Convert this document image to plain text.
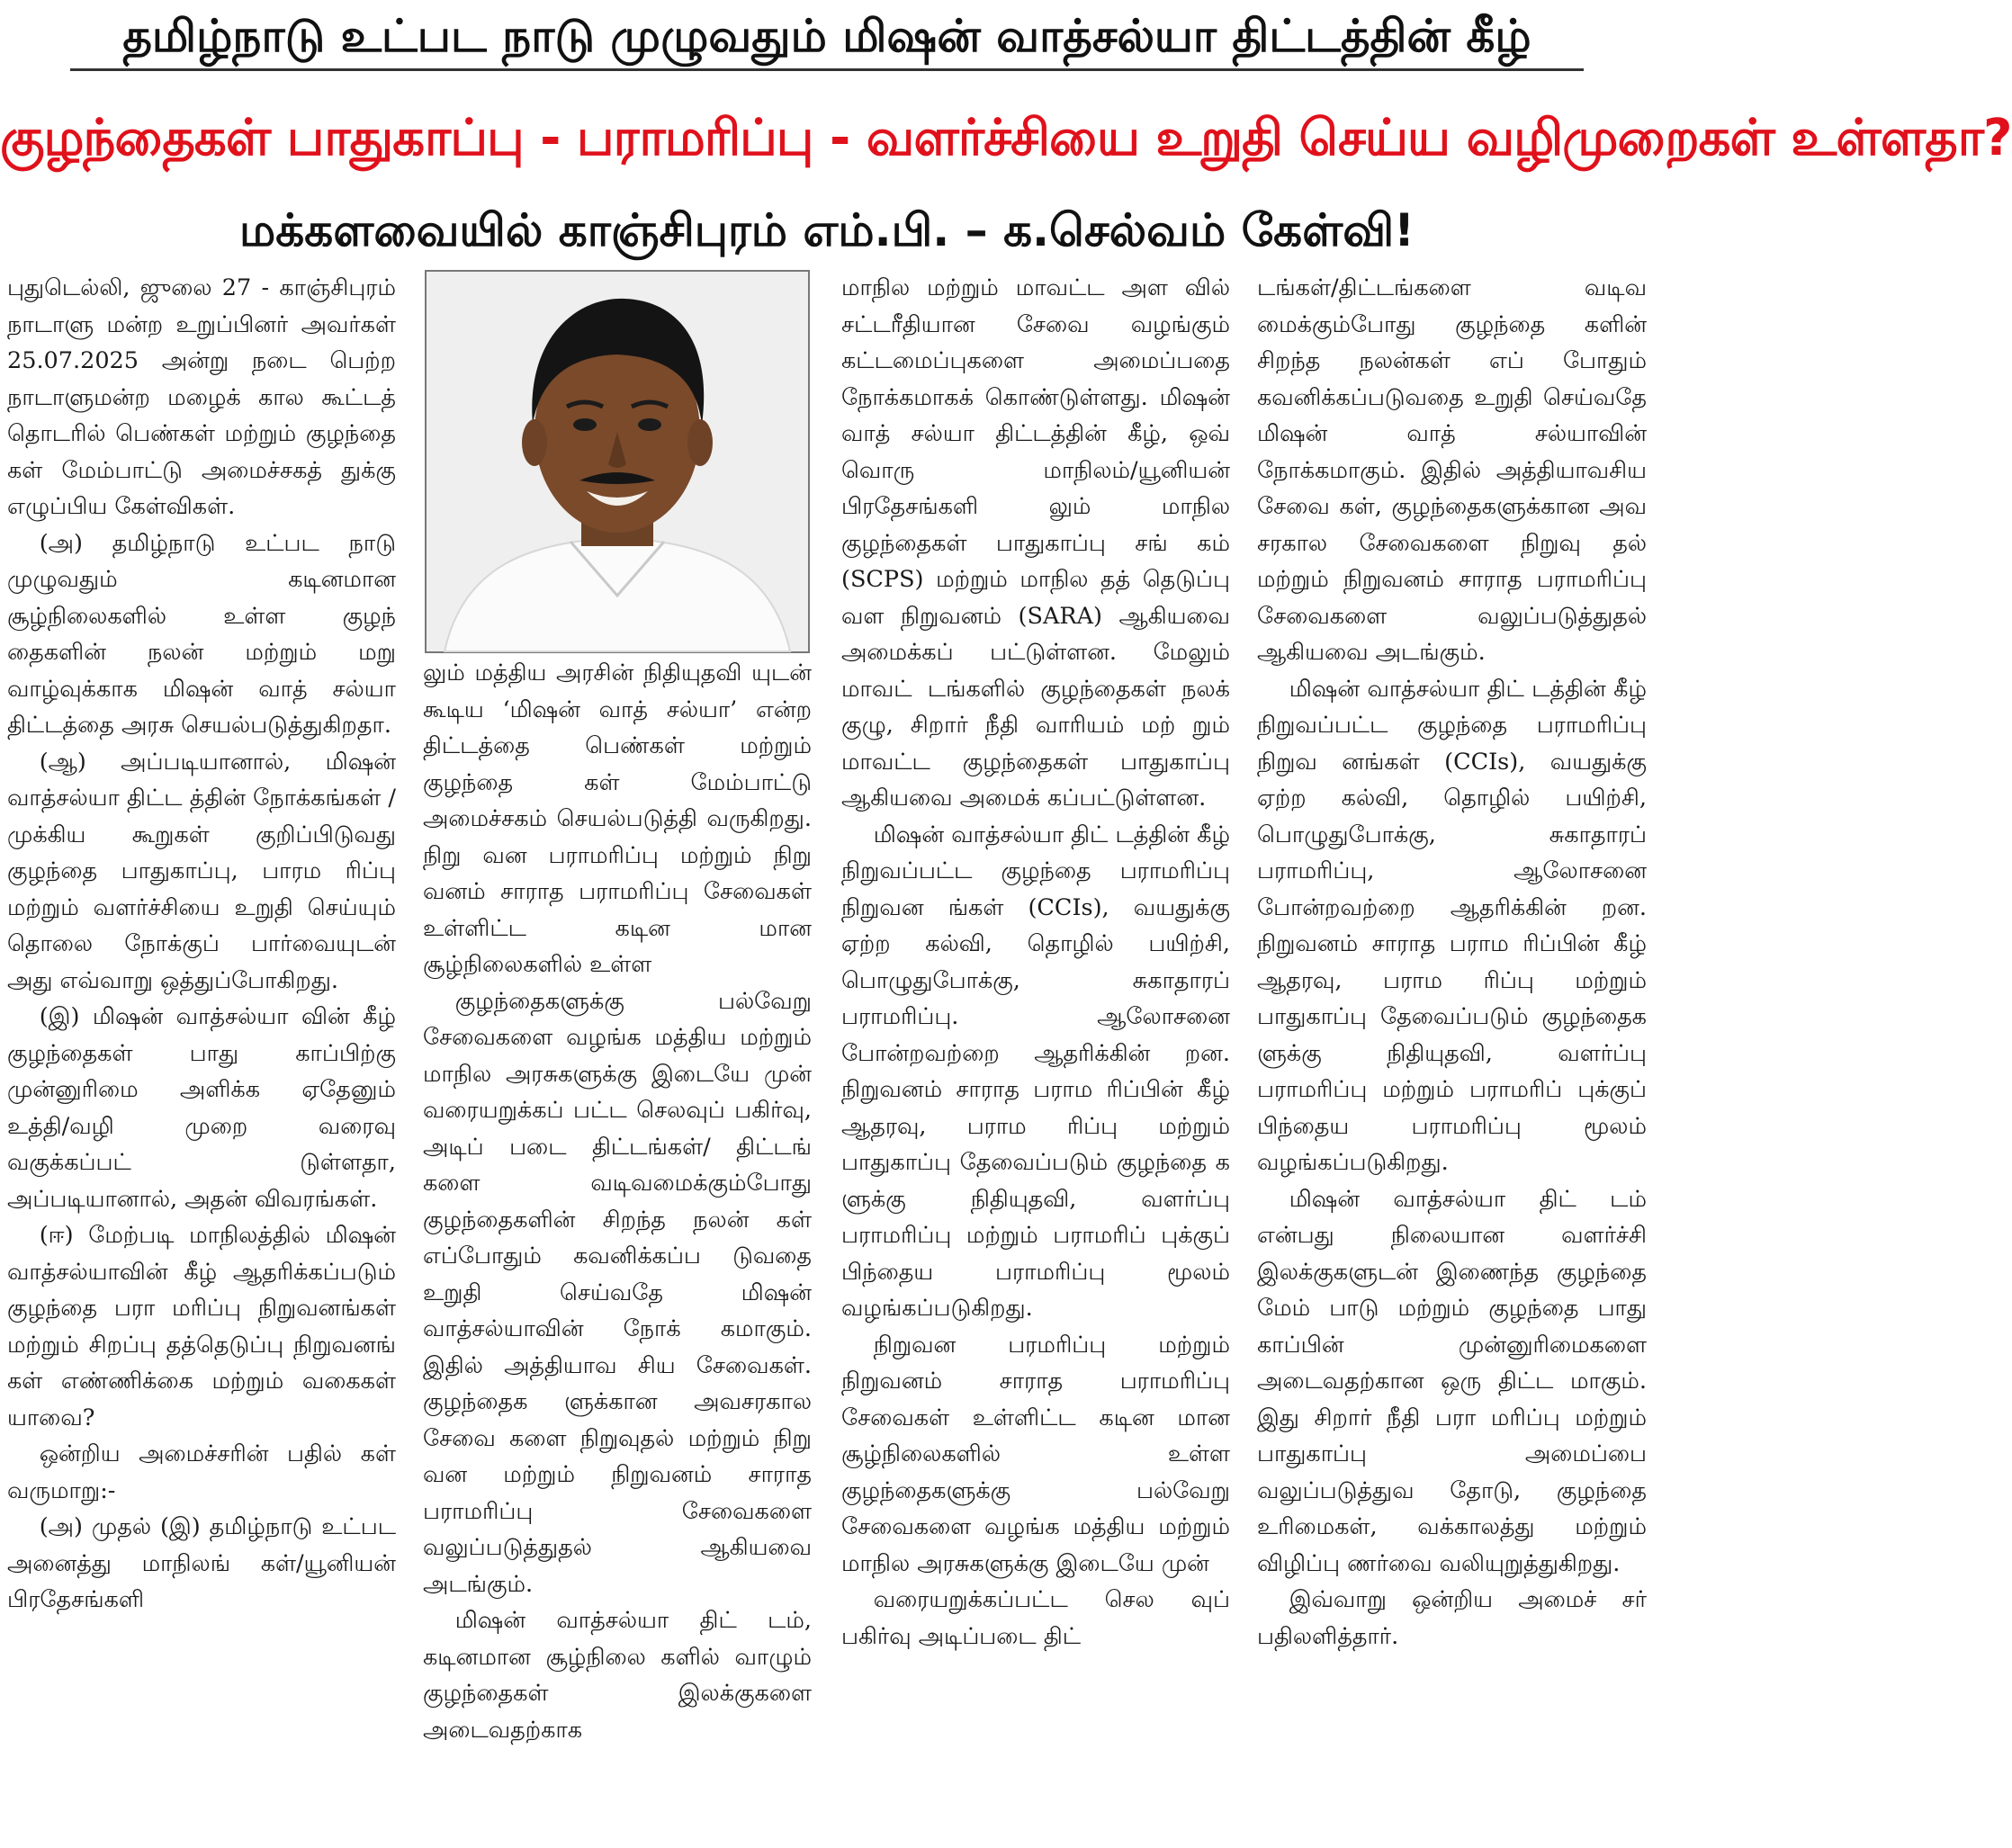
தமிழ்நாடு உட்பட நாடு முழுவதும் மிஷன் வாத்சல்யா திட்டத்தின் கீழ்
குழந்தைகள் பாதுகாப்பு - பராமரிப்பு - வளர்ச்சியை உறுதி செய்ய வழிமுறைகள் உள்ளதா?
மக்களவையில் காஞ்சிபுரம் எம்.பி. – க.செல்வம் கேள்வி!

புதுடெல்லி, ஜுலை 27 - காஞ்சிபுரம் நாடாளு மன்ற உறுப்பினர் அவர்கள் 25.07.2025 அன்று நடை பெற்ற நாடாளுமன்ற மழைக் கால கூட்டத் தொடரில் பெண்கள் மற்றும் குழந்தை கள் மேம்பாட்டு அமைச்சகத் துக்கு எழுப்பிய கேள்விகள்.

(அ) தமிழ்நாடு உட்பட நாடு முழுவதும் கடினமான சூழ்நிலைகளில் உள்ள குழந் தைகளின் நலன் மற்றும் மறு வாழ்வுக்காக மிஷன் வாத் சல்யா திட்டத்தை அரசு செயல்படுத்துகிறதா.

(ஆ) அப்படியானால், மிஷன் வாத்சல்யா திட்ட த்தின் நோக்கங்கள் / முக்கிய கூறுகள் குறிப்பிடுவது குழந்தை பாதுகாப்பு, பாரம ரிப்பு மற்றும் வளர்ச்சியை உறுதி செய்யும் தொலை நோக்குப் பார்வையுடன் அது எவ்வாறு ஒத்துப்போகிறது.

(இ) மிஷன் வாத்சல்யா வின் கீழ் குழந்தைகள் பாது காப்பிற்கு முன்னுரிமை அளிக்க ஏதேனும் உத்தி/வழி முறை வரைவு வகுக்கப்பட் டுள்ளதா, அப்படியானால், அதன் விவரங்கள்.

(ஈ) மேற்படி மாநிலத்தில் மிஷன் வாத்சல்யாவின் கீழ் ஆதரிக்கப்படும் குழந்தை பரா மரிப்பு நிறுவனங்கள் மற்றும் சிறப்பு தத்தெடுப்பு நிறுவனங் கள் எண்ணிக்கை மற்றும் வகைகள் யாவை?

ஒன்றிய அமைச்சரின் பதில் கள் வருமாறு:-

(அ) முதல் (இ) தமிழ்நாடு உட்பட அனைத்து மாநிலங் கள்/யூனியன் பிரதேசங்களி

லும் மத்திய அரசின் நிதியுதவி யுடன் கூடிய ‘மிஷன் வாத் சல்யா’ என்ற திட்டத்தை பெண்கள் மற்றும் குழந்தை கள் மேம்பாட்டு அமைச்சகம் செயல்படுத்தி வருகிறது. நிறு வன பராமரிப்பு மற்றும் நிறு வனம் சாராத பராமரிப்பு சேவைகள் உள்ளிட்ட கடின மான சூழ்நிலைகளில் உள்ள

குழந்தைகளுக்கு பல்வேறு சேவைகளை வழங்க மத்திய மற்றும் மாநில அரசுகளுக்கு இடையே முன் வரையறுக்கப் பட்ட செலவுப் பகிர்வு, அடிப் படை திட்டங்கள்/ திட்டங் களை வடிவமைக்கும்போது குழந்தைகளின் சிறந்த நலன் கள் எப்போதும் கவனிக்கப்ப டுவதை உறுதி செய்வதே மிஷன் வாத்சல்யாவின் நோக் கமாகும். இதில் அத்தியாவ சிய சேவைகள். குழந்தைக ளுக்கான அவசரகால சேவை களை நிறுவுதல் மற்றும் நிறு வன மற்றும் நிறுவனம் சாராத பராமரிப்பு சேவைகளை வலுப்படுத்துதல் ஆகியவை அடங்கும்.

மிஷன் வாத்சல்யா திட் டம், கடினமான சூழ்நிலை களில் வாழும் குழந்தைகள் இலக்குகளை அடைவதற்காக

மாநில மற்றும் மாவட்ட அள வில் சட்டரீதியான சேவை வழங்கும் கட்டமைப்புகளை அமைப்பதை நோக்கமாகக் கொண்டுள்ளது. மிஷன் வாத் சல்யா திட்டத்தின் கீழ், ஒவ் வொரு மாநிலம்/யூனியன் பிரதேசங்களி லும் மாநில குழந்தைகள் பாதுகாப்பு சங் கம் (SCPS) மற்றும் மாநில தத் தெடுப்பு வள நிறுவனம் (SARA) ஆகியவை அமைக்கப் பட்டுள்ளன. மேலும் மாவட் டங்களில் குழந்தைகள் நலக் குழு, சிறார் நீதி வாரியம் மற் றும் மாவட்ட குழந்தைகள் பாதுகாப்பு ஆகியவை அமைக் கப்பட்டுள்ளன.

மிஷன் வாத்சல்யா திட் டத்தின் கீழ் நிறுவப்பட்ட குழந்தை பராமரிப்பு நிறுவன ங்கள் (CCIs), வயதுக்கு ஏற்ற கல்வி, தொழில் பயிற்சி, பொழுதுபோக்கு, சுகாதாரப் பராமரிப்பு. ஆலோசனை போன்றவற்றை ஆதரிக்கின் றன. நிறுவனம் சாராத பராம ரிப்பின் கீழ் ஆதரவு, பராம ரிப்பு மற்றும் பாதுகாப்பு தேவைப்படும் குழந்தை க ளுக்கு நிதியுதவி, வளர்ப்பு பராமரிப்பு மற்றும் பராமரிப் புக்குப் பிந்தைய பராமரிப்பு மூலம் வழங்கப்படுகிறது.

நிறுவன பரமரிப்பு மற்றும் நிறுவனம் சாராத பராமரிப்பு சேவைகள் உள்ளிட்ட கடின மான சூழ்நிலைகளில் உள்ள குழந்தைகளுக்கு பல்வேறு சேவைகளை வழங்க மத்திய மற்றும் மாநில அரசுகளுக்கு இடையே முன்

வரையறுக்கப்பட்ட செல வுப் பகிர்வு அடிப்படை திட்

டங்கள்/திட்டங்களை வடிவ மைக்கும்போது குழந்தை களின் சிறந்த நலன்கள் எப் போதும் கவனிக்கப்படுவதை உறுதி செய்வதே மிஷன் வாத் சல்யாவின் நோக்கமாகும். இதில் அத்தியாவசிய சேவை கள், குழந்தைகளுக்கான அவ சரகால சேவைகளை நிறுவு தல் மற்றும் நிறுவனம் சாராத பராமரிப்பு சேவைகளை வலுப்படுத்துதல் ஆகியவை அடங்கும்.

மிஷன் வாத்சல்யா திட் டத்தின் கீழ் நிறுவப்பட்ட குழந்தை பராமரிப்பு நிறுவ னங்கள் (CCIs), வயதுக்கு ஏற்ற கல்வி, தொழில் பயிற்சி, பொழுதுபோக்கு, சுகாதாரப் பராமரிப்பு, ஆலோசனை போன்றவற்றை ஆதரிக்கின் றன. நிறுவனம் சாராத பராம ரிப்பின் கீழ் ஆதரவு, பராம ரிப்பு மற்றும் பாதுகாப்பு தேவைப்படும் குழந்தைக ளுக்கு நிதியுதவி, வளர்ப்பு பராமரிப்பு மற்றும் பராமரிப் புக்குப் பிந்தைய பராமரிப்பு மூலம் வழங்கப்படுகிறது.

மிஷன் வாத்சல்யா திட் டம் என்பது நிலையான வளர்ச்சி இலக்குகளுடன் இணைந்த குழந்தை மேம் பாடு மற்றும் குழந்தை பாது காப்பின் முன்னுரிமைகளை அடைவதற்கான ஒரு திட்ட மாகும். இது சிறார் நீதி பரா மரிப்பு மற்றும் பாதுகாப்பு அமைப்பை வலுப்படுத்துவ தோடு, குழந்தை உரிமைகள், வக்காலத்து மற்றும் விழிப்பு ணர்வை வலியுறுத்துகிறது.

இவ்வாறு ஒன்றிய அமைச் சர் பதிலளித்தார்.
